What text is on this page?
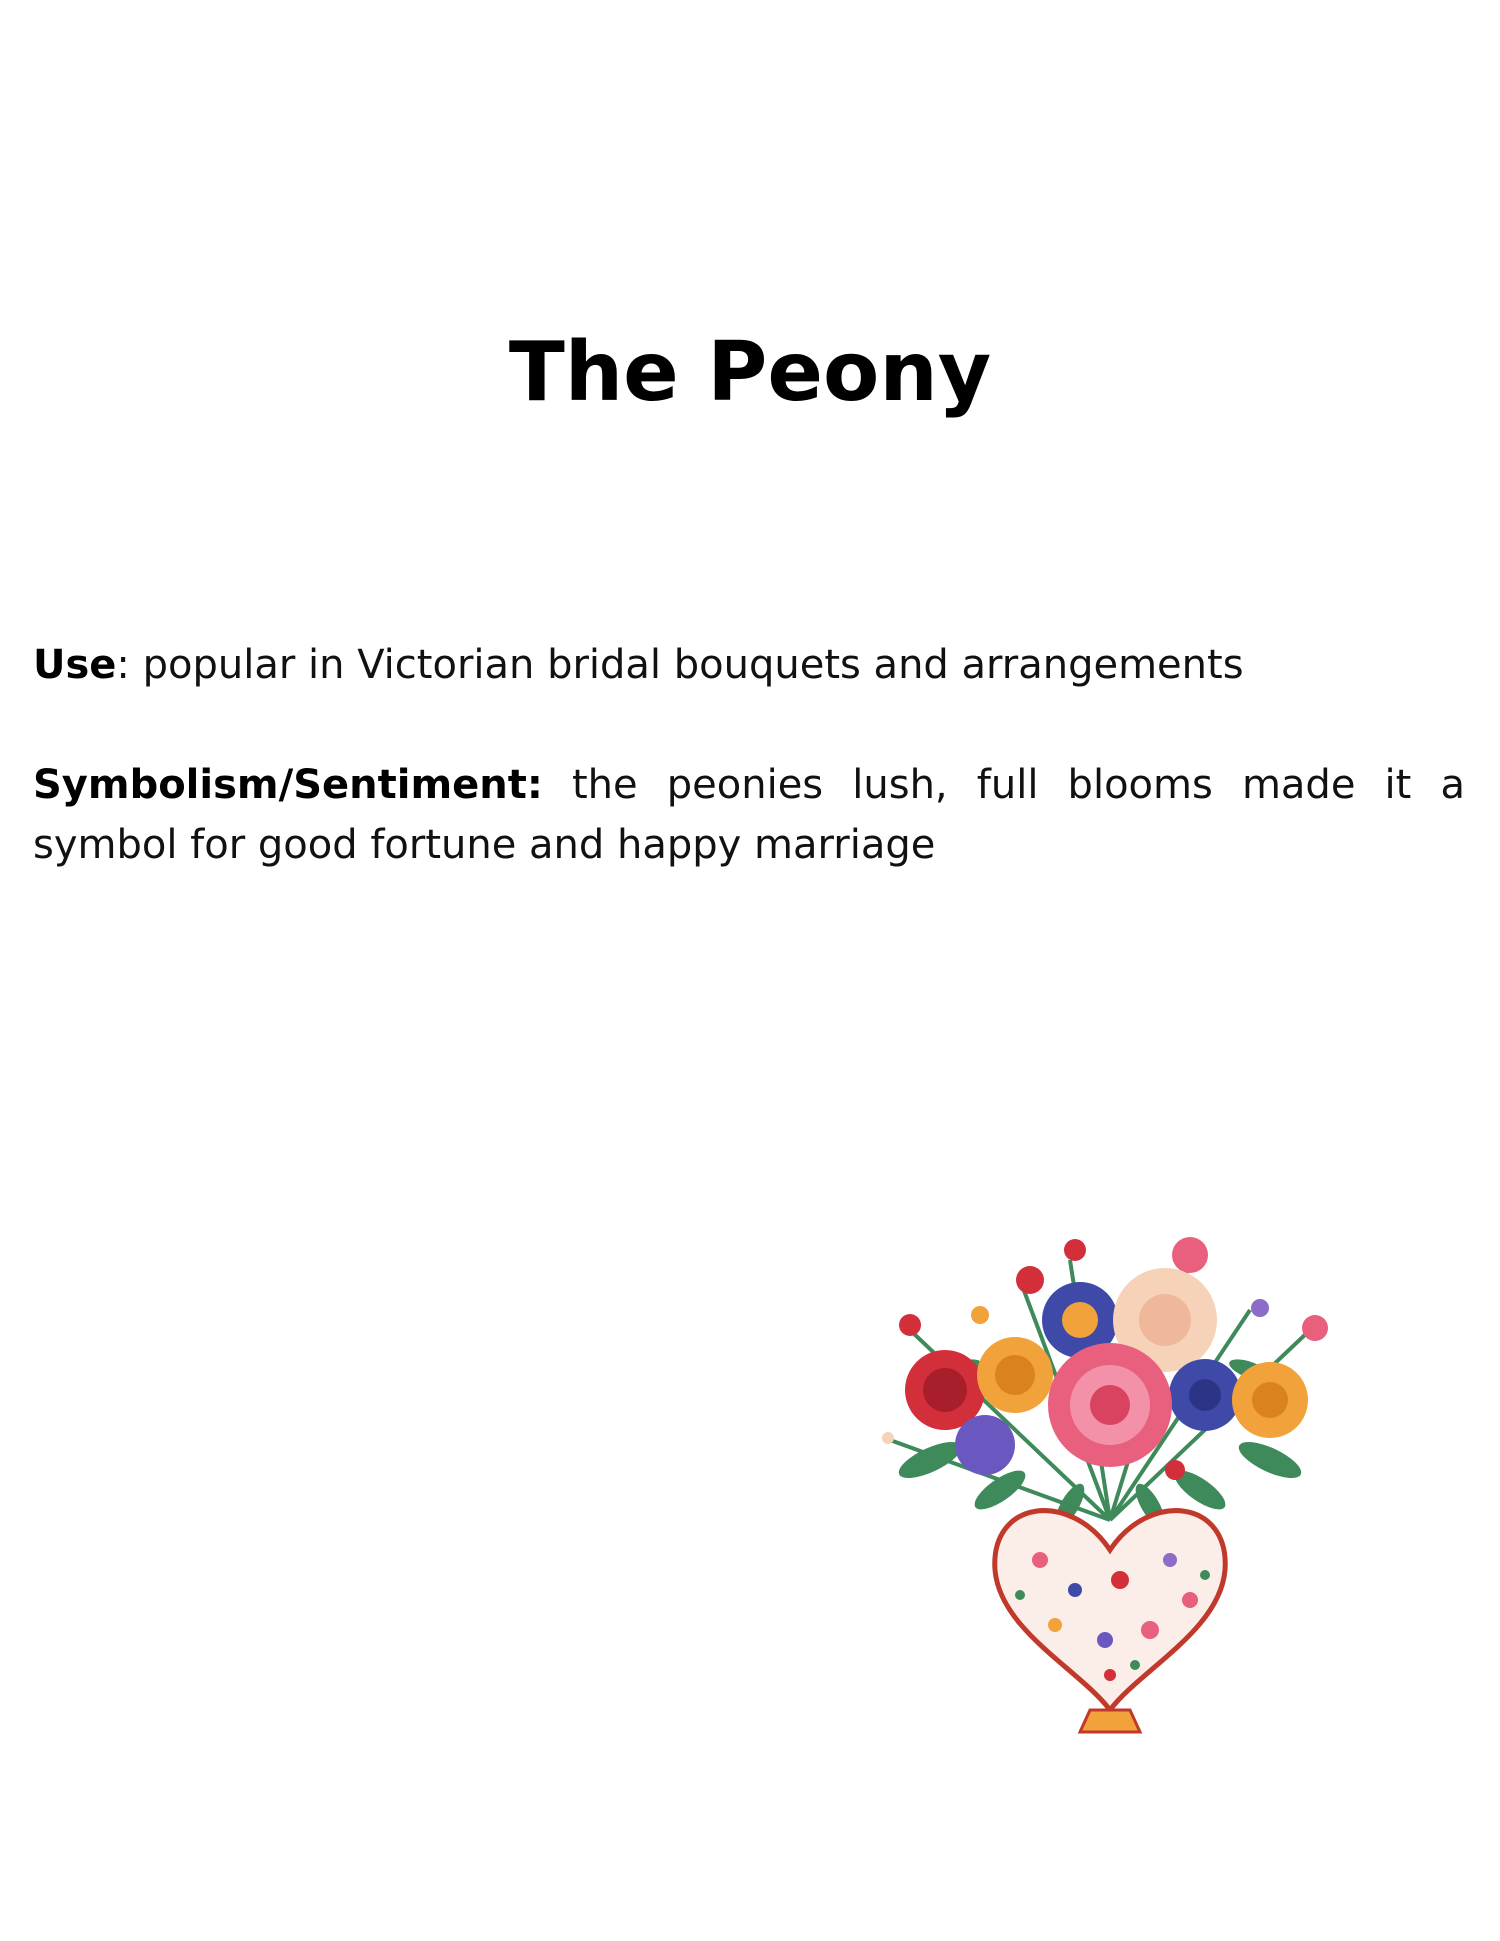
The Peony

Use: popular in Victorian bridal bouquets and arrangements

Symbolism/Sentiment: the peonies lush, full blooms made it a symbol for good fortune and happy marriage
